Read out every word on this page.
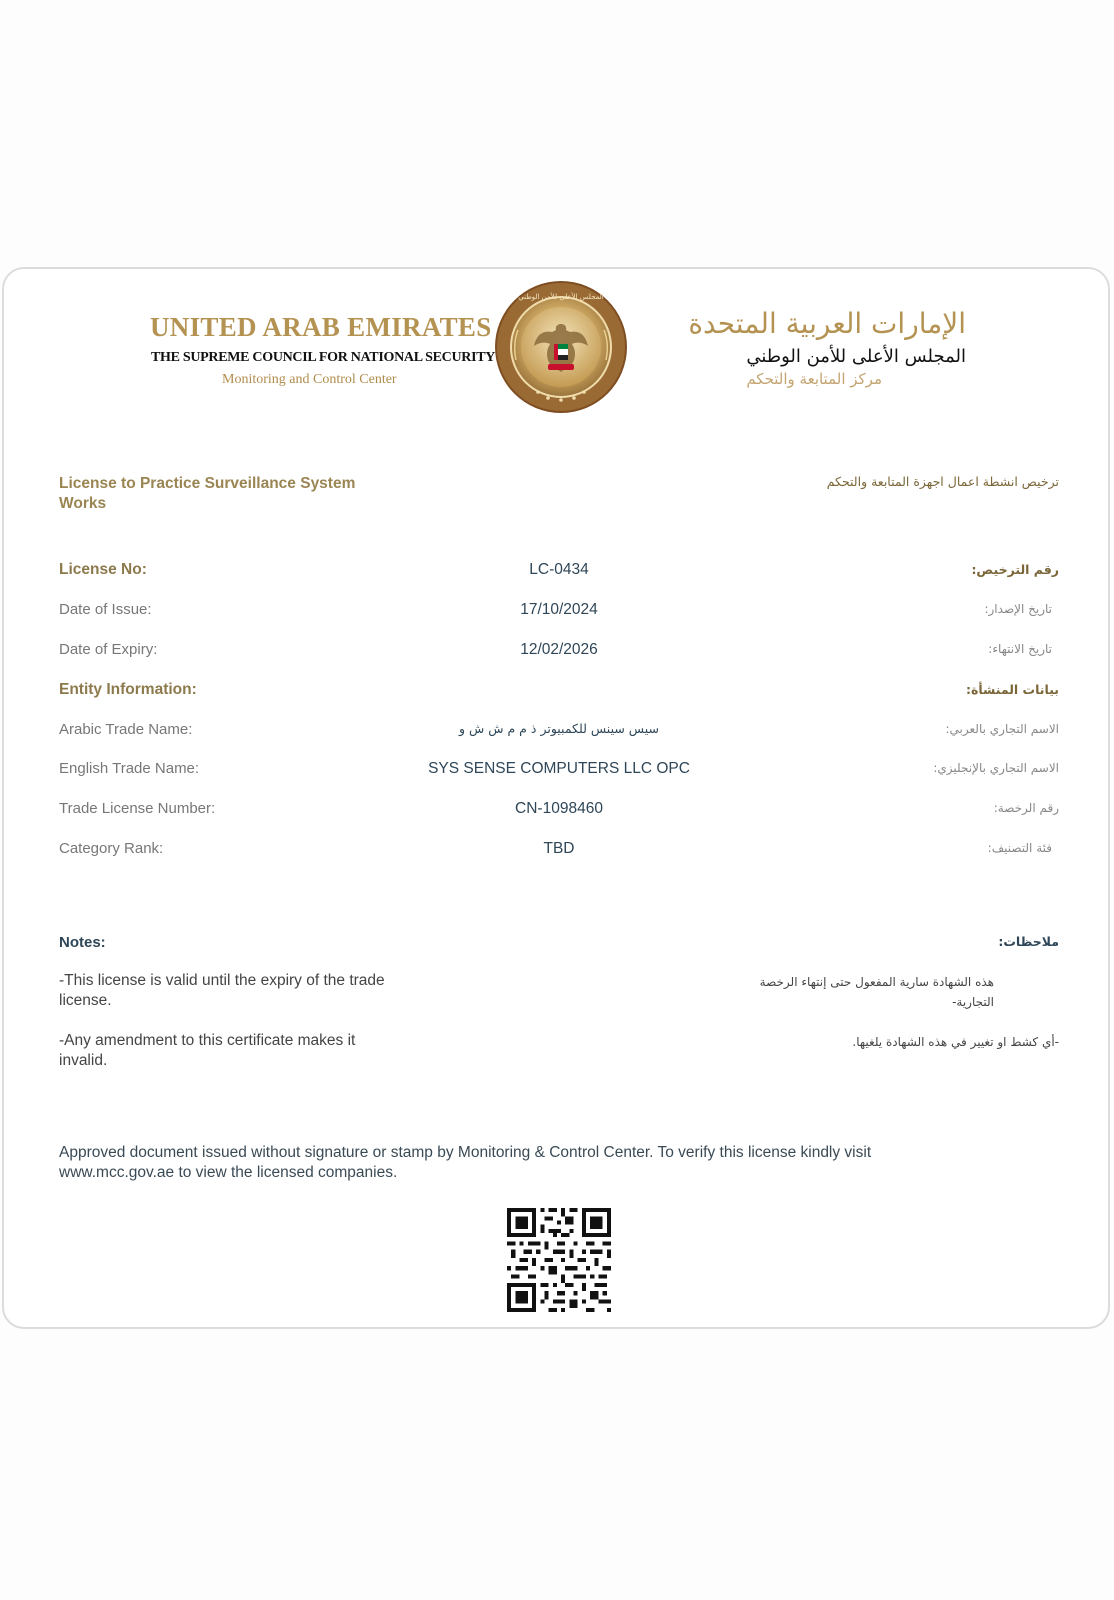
UNITED ARAB EMIRATES
THE SUPREME COUNCIL FOR NATIONAL SECURITY
Monitoring and Control Center
المجلس الأعلى للأمن الوطني
الإمارات العربية المتحدة
المجلس الأعلى للأمن الوطني
مركز المتابعة والتحكم
License to Practice Surveillance System Works
ترخيص انشطة اعمال اجهزة المتابعة والتحكم
License No:	LC-0434	رقم الترخيص:
Date of Issue:	17/10/2024	تاريخ الإصدار:
Date of Expiry:	12/02/2026	تاريخ الانتهاء:
Entity Information:	بيانات المنشأة:
Arabic Trade Name:	سيس سينس للكمبيوتر ذ م م ش ش و	الاسم التجاري بالعربي:
English Trade Name:	SYS SENSE COMPUTERS LLC OPC	الاسم التجاري بالإنجليزي:
Trade License Number:	CN-1098460	رقم الرخصة:
Category Rank:	TBD	فئة التصنيف:
Notes:	ملاحظات:
-This license is valid until the expiry of the trade license.
هذه الشهادة سارية المفعول حتى إنتهاء الرخصة التجارية-
-Any amendment to this certificate makes it invalid.
-أي كشط او تغيير في هذه الشهادة يلغيها.
Approved document issued without signature or stamp by Monitoring & Control Center. To verify this license kindly visit www.mcc.gov.ae to view the licensed companies.
